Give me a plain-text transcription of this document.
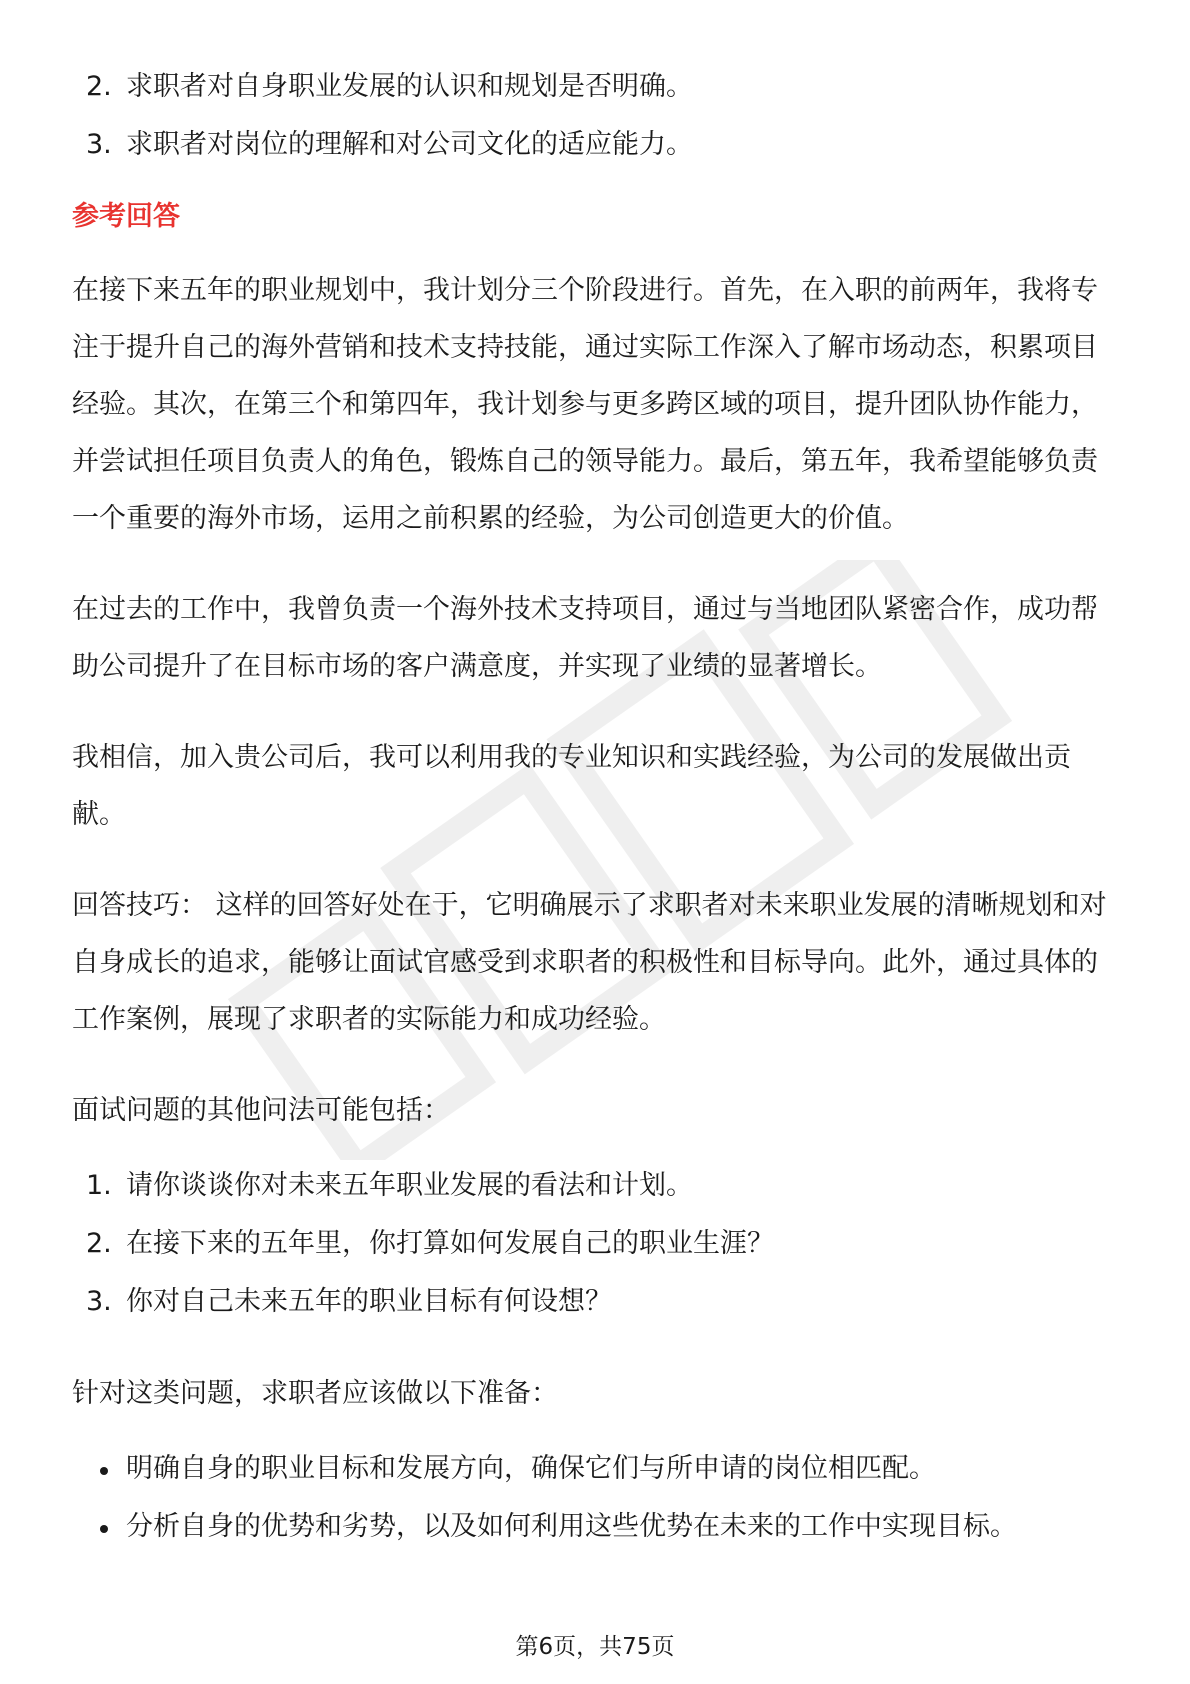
2. 求职者对自身职业发展的认识和规划是否明确。
3. 求职者对岗位的理解和对公司文化的适应能力。
参考回答

在接下来五年的职业规划中，我计划分三个阶段进行。首先，在入职的前两年，我将专注于提升自己的海外营销和技术支持技能，通过实际工作深入了解市场动态，积累项目经验。其次，在第三个和第四年，我计划参与更多跨区域的项目，提升团队协作能力，并尝试担任项目负责人的角色，锻炼自己的领导能力。最后，第五年，我希望能够负责一个重要的海外市场，运用之前积累的经验，为公司创造更大的价值。

在过去的工作中，我曾负责一个海外技术支持项目，通过与当地团队紧密合作，成功帮助公司提升了在目标市场的客户满意度，并实现了业绩的显著增长。

我相信，加入贵公司后，我可以利用我的专业知识和实践经验，为公司的发展做出贡献。

回答技巧： 这样的回答好处在于，它明确展示了求职者对未来职业发展的清晰规划和对自身成长的追求，能够让面试官感受到求职者的积极性和目标导向。此外，通过具体的工作案例，展现了求职者的实际能力和成功经验。

面试问题的其他问法可能包括：

1. 请你谈谈你对未来五年职业发展的看法和计划。
2. 在接下来的五年里，你打算如何发展自己的职业生涯？
3. 你对自己未来五年的职业目标有何设想？

针对这类问题，求职者应该做以下准备：

明确自身的职业目标和发展方向，确保它们与所申请的岗位相匹配。
分析自身的优势和劣势，以及如何利用这些优势在未来的工作中实现目标。
第6页，共75页
